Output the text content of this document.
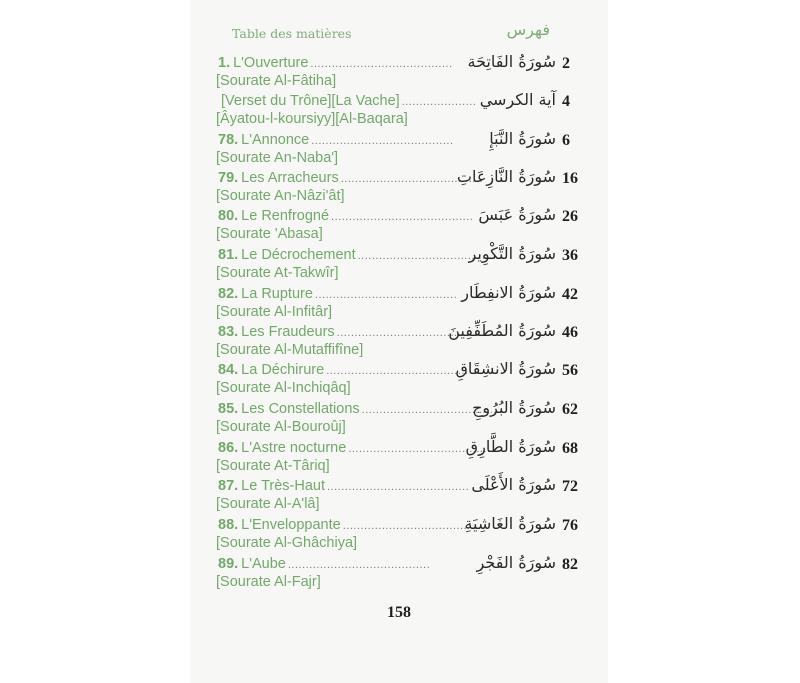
Table des matières	فهرس
1. L'Ouverture ........................................
[Sourate Al-Fâtiha]
سُورَةُ الفَاتِحَة 2
[Verset du Trône][La Vache] .....................
[Âyatou-l-koursiyy][Al-Baqara]
آية الكرسي 4
78. L'Annonce ........................................
[Sourate An-Naba']
سُورَةُ النَّبَإِ 6
79. Les Arracheurs ........................................
[Sourate An-Nâzi'ât]
سُورَةُ النَّازِعَاتِ 16
80. Le Renfrogné ........................................
[Sourate 'Abasa]
سُورَةُ عَبَسَ 26
81. Le Décrochement ........................................
[Sourate At-Takwîr]
سُورَةُ التَّكْوِير 36
82. La Rupture ........................................
[Sourate Al-Infitâr]
سُورَةُ الانفِطَار 42
83. Les Fraudeurs ........................................
[Sourate Al-Mutaffifîne]
سُورَةُ المُطَفِّفِينَ 46
84. La Déchirure ........................................
[Sourate Al-Inchiqâq]
سُورَةُ الانشِقَاقِ 56
85. Les Constellations ........................................
[Sourate Al-Bouroûj]
سُورَةُ البُرُوجِ 62
86. L'Astre nocturne ........................................
[Sourate At-Târiq]
سُورَةُ الطَّارِقِ 68
87. Le Très-Haut ........................................
[Sourate Al-A'lâ]
سُورَةُ الأَعْلَى 72
88. L'Enveloppante ........................................
[Sourate Al-Ghâchiya]
سُورَةُ الغَاشِيَةِ 76
89. L'Aube ........................................
[Sourate Al-Fajr]
سُورَةُ الفَجْرِ 82
158
